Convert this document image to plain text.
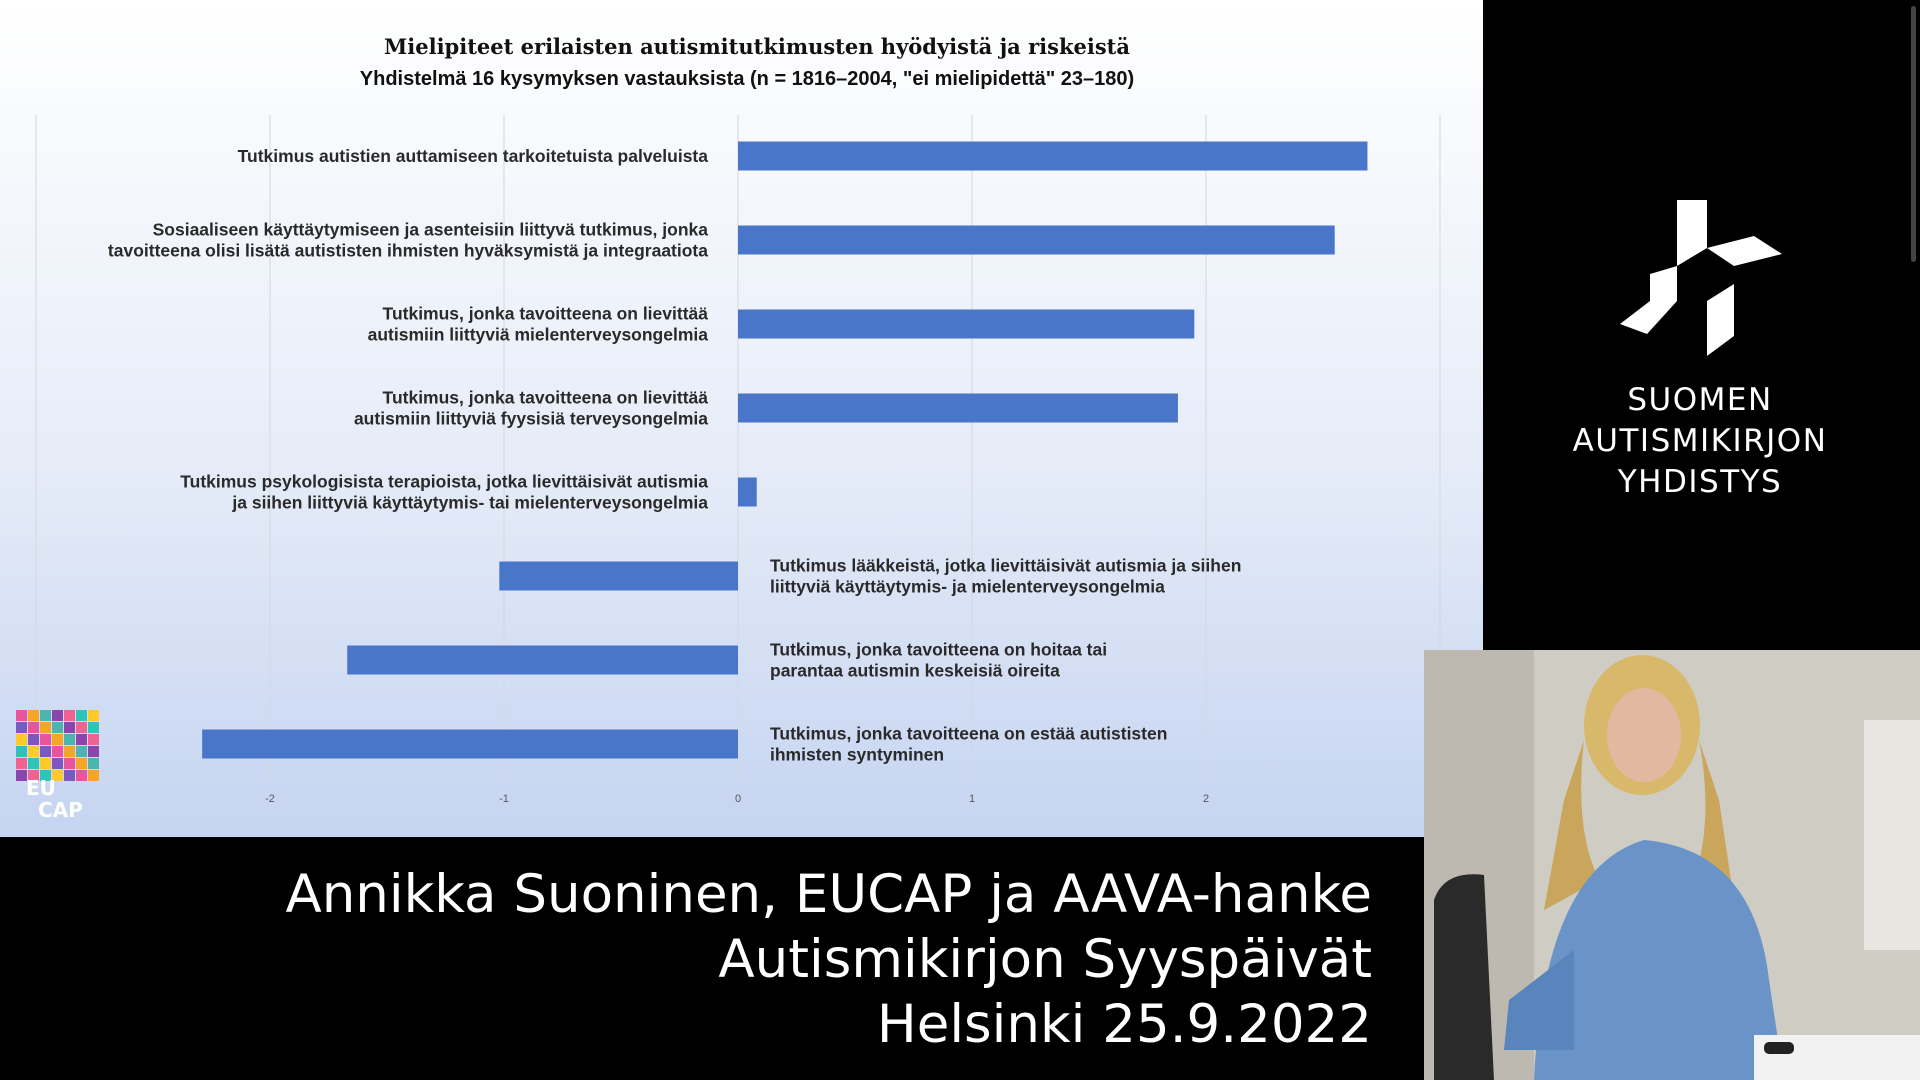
Mielipiteet erilaisten autismitutkimusten hyödyistä ja riskeistä
Yhdistelmä 16 kysymyksen vastauksista (n = 1816–2004, "ei mielipidettä" 23–180)
-2	-1	0	1	2
Tutkimus autistien auttamiseen tarkoitetuista palveluista
Sosiaaliseen käyttäytymiseen ja asenteisiin liittyvä tutkimus, jonka
tavoitteena olisi lisätä autististen ihmisten hyväksymistä ja integraatiota
Tutkimus, jonka tavoitteena on lievittää
autismiin liittyviä mielenterveysongelmia
Tutkimus, jonka tavoitteena on lievittää
autismiin liittyviä fyysisiä terveysongelmia
Tutkimus psykologisista terapioista, jotka lievittäisivät autismia
ja siihen liittyviä käyttäytymis- tai mielenterveysongelmia
Tutkimus lääkkeistä, jotka lievittäisivät autismia ja siihen
liittyviä käyttäytymis- ja mielenterveysongelmia
Tutkimus, jonka tavoitteena on hoitaa tai
parantaa autismin keskeisiä oireita
Tutkimus, jonka tavoitteena on estää autististen
ihmisten syntyminen
EU
CAP
SUOMEN
AUTISMIKIRJON
YHDISTYS
Annikka Suoninen, EUCAP ja AAVA-hanke
Autismikirjon Syyspäivät
Helsinki 25.9.2022
